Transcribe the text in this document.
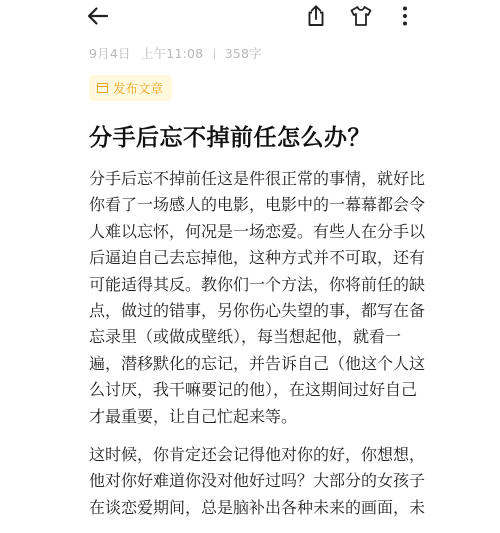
9月4日 上午11:08 358字
发布文章
分手后忘不掉前任怎么办？

分手后忘不掉前任这是件很正常的事情，就好比
你看了一场感人的电影，电影中的一幕幕都会令
人难以忘怀，何况是一场恋爱。有些人在分手以
后逼迫自己去忘掉他，这种方式并不可取，还有
可能适得其反。教你们一个方法，你将前任的缺
点，做过的错事，另你伤心失望的事，都写在备
忘录里（或做成壁纸），每当想起他，就看一
遍，潜移默化的忘记，并告诉自己（他这个人这
么讨厌，我干嘛要记的他），在这期间过好自己
才最重要，让自己忙起来等。

这时候，你肯定还会记得他对你的好，你想想，
他对你好难道你没对他好过吗？大部分的女孩子
在谈恋爱期间，总是脑补出各种未来的画面，未
